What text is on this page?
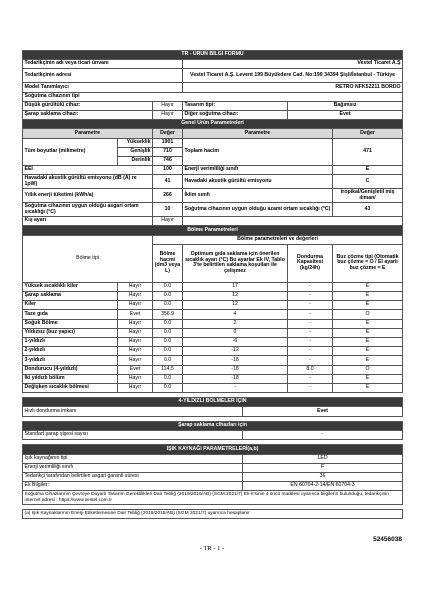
TR - ÜRÜN BİLGİ FORMU						
Tedarikçinin adı veya ticari ünvanı			Vestel Ticaret A.Ş			
Tedarikçinin adresi			Vestel Ticaret A.Ş. Levent 199 Büyükdere Cad. No:199 34394 Şişli/İstanbul - Türkiye			
Model Tanımlayıcı			RETRO NFK52211 BORDO			
Soğutma cihazının tipi						
Düşük gürültülü cihaz:		Hayır	Tasarım tipi:		Bağımsız	
Şarap saklama cihazı:		Hayır	Diğer soğutma cihazı:		Evet	
Genel Ürün Parametreleri						
Parametre		Değer	Parametre			Değer
Tüm boyutlar (milimetre)	Yükseklik	1901	Toplam hacim			471
	Genişlik	710				
	Derinlik	746				
EEI		100	Enerji verimliliği sınıfı			E
Havadaki akustik gürültü emisyonu (dB (A) re 1pW)		41	Havadaki akustik gürültü emisyonu			C
Yıllık enerji tüketimi (kWh/a)		266	İklim sınıfı			tropikal/Genişletil miş ılıman/
Soğutma cihazının uygun olduğu asgari ortam sıcaklığı (°C)		10	Soğutma cihazının uygun olduğu azami ortam sıcaklığı (°C)			43
Kış ayarı		Hayır				
Bölme Parametreleri						
Bölme tipi		Bölme parametreleri ve değerleri				
		Bölme hacmi (dm3 veya L)	Optimum gıda saklama için önerilen sıcaklık ayarı (°C) Bu ayarlar Ek IV, Tablo 3'te belirtilen saklama koşulları ile çelişmez		Dondurma Kapasitesi (kg/24h)	Buz çözme tipi (Otomatik buz çözme = O / El ayarlı buz çözme = E
Yüksek sıcaklıklı kiler	Hayır	0.0	17		-	E
Şarap saklama	Hayır	0.0	12		-	E
Kiler	Hayır	0.0	12		-	E
Taze gıda	Evet	356.9	4		-	O
Soğuk Bölme	Hayır	0.0	2		-	E
Yıldızsız (buz yapıcı)	Hayır	0.0	0		-	E
1-yıldızlı	Hayır	0.0	-6		-	E
2-yıldızlı	Hayır	0.0	-12		-	E
3-yıldızlı	Hayır	0.0	-18		-	E
Dondurucu (4-yıldızlı)	Evet	114.5	-18		8.0	O
İki yıldızlı bölüm	Hayır	0.0	-18		-	E
Değişken sıcaklık bölmesi	Hayır	0.0	-		-	E

4-YILDIZLI BÖLMELER İÇİN						
Hızlı dondurma imkanı				Evet		

Şarap saklama cihazları için						
Standart şarap şişesi sayısı				-		

IŞIK KAYNAĞI PARAMETRELERİ(a,b)						
Işık kaynağının tipi				LED		
Enerji verimliliği sınıfı				F		
Tedarikçi tarafından belirtilen asgari garanti süresi				36		
Ek Bilgiler:				EN 60704-2-14/EN 60704-3		
Soğutma Cihazlarının Çevreye Duyarlı Tasarım Gereklilikleri Dair Tebliğ (2019/2019/AB) (SGM:2021/7) Ek-II'sinin 4 üncü maddesi uyarınca bilgilerin bulunduğu, tedarikçinin internet adresi : https://www.vestel.com.tr						

(a) Işık Kaynaklarının Enerji Etiketlemesine Dair Tebliğ (2019/2015/AB) (SGM 2021/7) uyarınca hesaplanır						
52456038
- TR - 1 -
